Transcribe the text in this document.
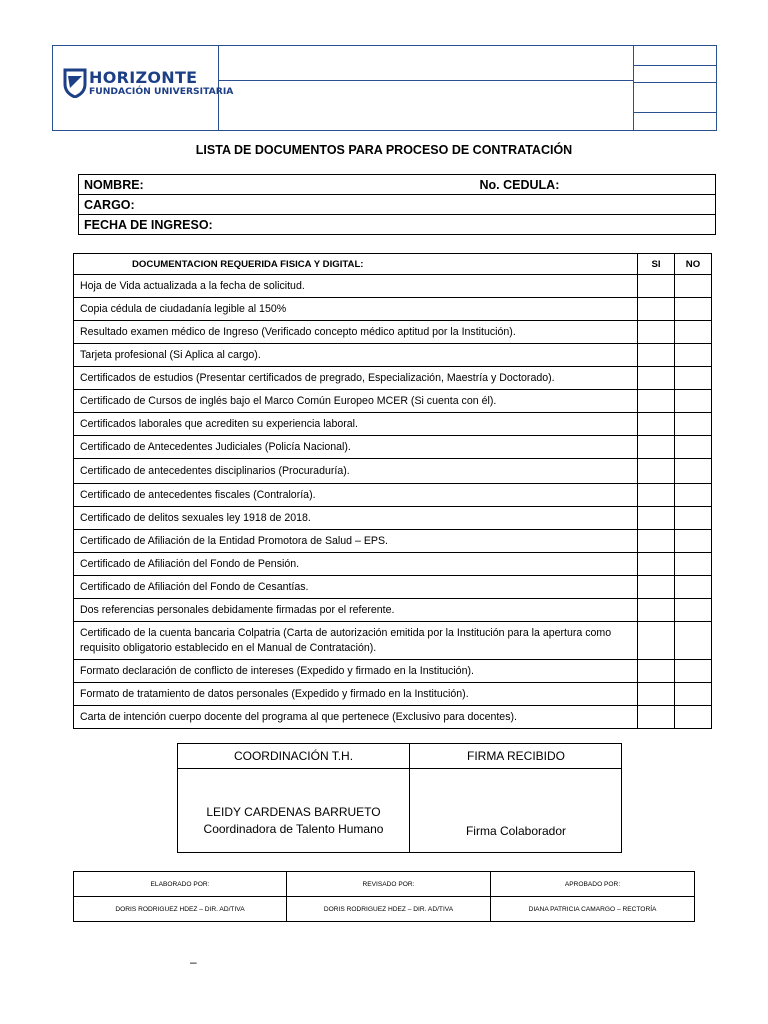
HORIZONTE
FUNDACIÓN UNIVERSITARIA
LISTA DE DOCUMENTOS PARA PROCESO DE CONTRATACIÓN
NOMBRE:	No. CEDULA:

CARGO:
FECHA DE INGRESO:
DOCUMENTACION REQUERIDA FISICA Y DIGITAL:	SI	NO
Hoja de Vida actualizada a la fecha de solicitud.		
Copia cédula de ciudadanía legible al 150%		
Resultado examen médico de Ingreso (Verificado concepto médico aptitud por la Institución).		
Tarjeta profesional (Si Aplica al cargo).		
Certificados de estudios (Presentar certificados de pregrado, Especialización, Maestría y Doctorado).		
Certificado de Cursos de inglés bajo el Marco Común Europeo MCER (Si cuenta con él).		
Certificados laborales que acrediten su experiencia laboral.		
Certificado de Antecedentes Judiciales (Policía Nacional).		
Certificado de antecedentes disciplinarios (Procuraduría).		
Certificado de antecedentes fiscales (Contraloría).		
Certificado de delitos sexuales ley 1918 de 2018.		
Certificado de Afiliación de la Entidad Promotora de Salud – EPS.		
Certificado de Afiliación del Fondo de Pensión.		
Certificado de Afiliación del Fondo de Cesantías.		
Dos referencias personales debidamente firmadas por el referente.		
Certificado de la cuenta bancaria Colpatria (Carta de autorización emitida por la Institución para la apertura como requisito obligatorio establecido en el Manual de Contratación).		
Formato declaración de conflicto de intereses (Expedido y firmado en la Institución).		
Formato de tratamiento de datos personales (Expedido y firmado en la Institución).		
Carta de intención cuerpo docente del programa al que pertenece (Exclusivo para docentes).		
COORDINACIÓN T.H.	FIRMA RECIBIDO
LEIDY CARDENAS BARRUETO
Coordinadora de Talento Humano	Firma Colaborador
ELABORADO POR:	REVISADO POR:	APROBADO POR:
DORIS RODRIGUEZ HDEZ – DIR. AD/TIVA	DORIS RODRIGUEZ HDEZ – DIR. AD/TIVA	DIANA PATRICIA CAMARGO – RECTORÍA
–
